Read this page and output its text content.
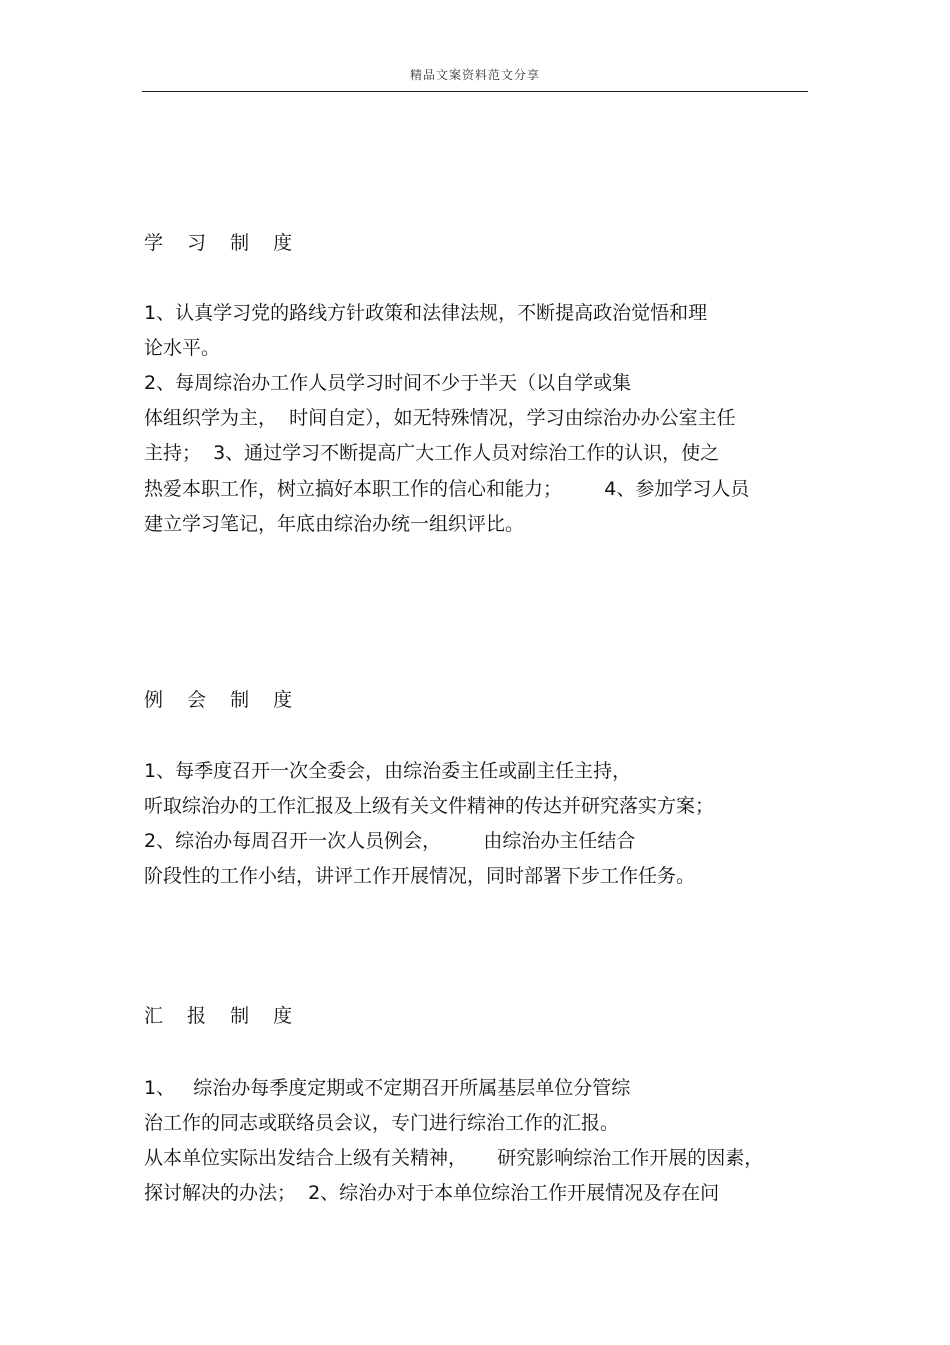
精品文案资料范文分享
学 习 制 度
1、认真学习党的路线方针政策和法律法规，不断提高政治觉悟和理
论水平。
2、每周综治办工作人员学习时间不少于半天（以自学或集
体组织学为主，  时间自定），如无特殊情况，学习由综治办办公室主任
主持；  3、通过学习不断提高广大工作人员对综治工作的认识，使之
热爱本职工作，树立搞好本职工作的信心和能力；       4、参加学习人员
建立学习笔记，年底由综治办统一组织评比。
例 会 制 度
1、每季度召开一次全委会，由综治委主任或副主任主持，
听取综治办的工作汇报及上级有关文件精神的传达并研究落实方案；
2、综治办每周召开一次人员例会，       由综治办主任结合
阶段性的工作小结，讲评工作开展情况，同时部署下步工作任务。
汇 报 制 度
1、   综治办每季度定期或不定期召开所属基层单位分管综
治工作的同志或联络员会议，专门进行综治工作的汇报。
从本单位实际出发结合上级有关精神，     研究影响综治工作开展的因素，
探讨解决的办法；  2、综治办对于本单位综治工作开展情况及存在问
